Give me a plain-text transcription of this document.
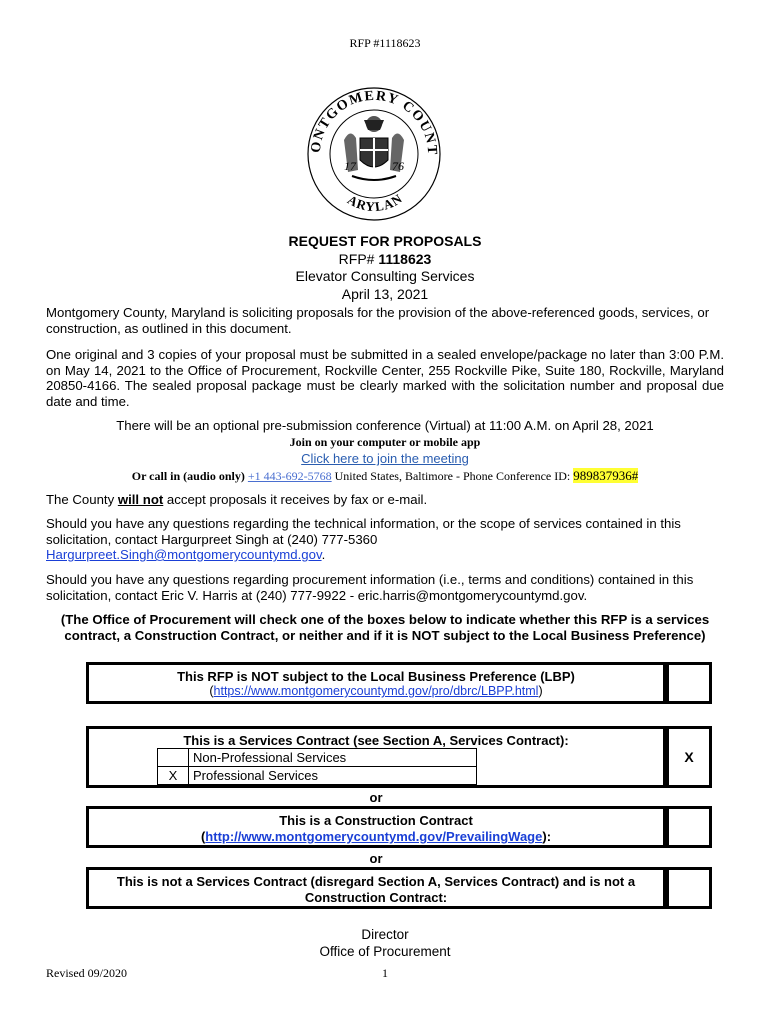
RFP #1118623
ONTGOMERY COUNT
ARYLAN
17	76
REQUEST FOR PROPOSALS
RFP# 1118623
Elevator Consulting Services
April 13, 2021

Montgomery County, Maryland is soliciting proposals for the provision of the above-referenced goods, services, or construction, as outlined in this document.

One original and 3 copies of your proposal must be submitted in a sealed envelope/package no later than 3:00 P.M. on May 14, 2021 to the Office of Procurement, Rockville Center, 255 Rockville Pike, Suite 180, Rockville, Maryland 20850-4166. The sealed proposal package must be clearly marked with the solicitation number and proposal due date and time.

There will be an optional pre-submission conference (Virtual) at 11:00 A.M. on April 28, 2021
Join on your computer or mobile app
Click here to join the meeting
Or call in (audio only) +1 443-692-5768 United States, Baltimore - Phone Conference ID: 989837936#

The County will not accept proposals it receives by fax or e-mail.

Should you have any questions regarding the technical information, or the scope of services contained in this solicitation, contact Hargurpreet Singh at (240) 777-5360
Hargurpreet.Singh@montgomerycountymd.gov.

Should you have any questions regarding procurement information (i.e., terms and conditions) contained in this solicitation, contact Eric V. Harris at (240) 777-9922 - eric.harris@montgomerycountymd.gov.

(The Office of Procurement will check one of the boxes below to indicate whether this RFP is a services contract, a Construction Contract, or neither and if it is NOT subject to the Local Business Preference)

This RFP is NOT subject to the Local Business Preference (LBP)
(https://www.montgomerycountymd.gov/pro/dbrc/LBPP.html)
This is a Services Contract (see Section A, Services Contract):
	Non-Professional Services
X	Professional Services
X
or
This is a Construction Contract
(http://www.montgomerycountymd.gov/PrevailingWage):
or
This is not a Services Contract (disregard Section A, Services Contract) and is not a
Construction Contract:
Director
Office of Procurement
Revised 09/2020	1
